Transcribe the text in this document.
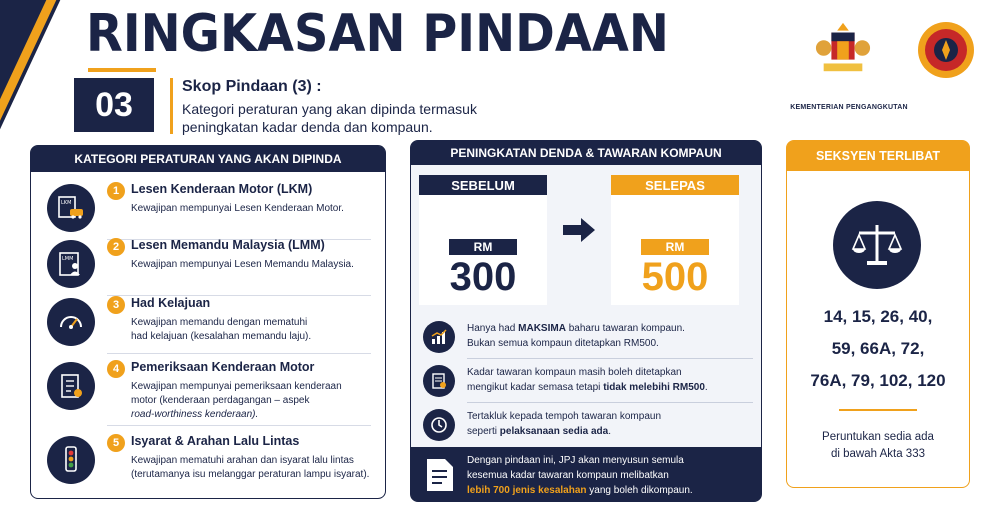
RINGKASAN PINDAAN
03	Skop Pindaan (3) :
Kategori peraturan yang akan dipinda termasuk peningkatan kadar denda dan kompaun.
KEMENTERIAN PENGANGKUTAN
KATEGORI PERATURAN YANG AKAN DIPINDA
LKM
1 Lesen Kenderaan Motor (LKM)
Kewajipan mempunyai Lesen Kenderaan Motor.
LMM
2 Lesen Memandu Malaysia (LMM)
Kewajipan mempunyai Lesen Memandu Malaysia.
3 Had Kelajuan
Kewajipan memandu dengan mematuhi
had kelajuan (kesalahan memandu laju).
4 Pemeriksaan Kenderaan Motor
Kewajipan mempunyai pemeriksaan kenderaan
motor (kenderaan perdagangan – aspek
road-worthiness kenderaan).
5 Isyarat & Arahan Lalu Lintas
Kewajipan mematuhi arahan dan isyarat lalu lintas
(terutamanya isu melanggar peraturan lampu isyarat).
PENINGKATAN DENDA & TAWARAN KOMPAUN
SEBELUM
RM
300
SELEPAS
RM
500
Hanya had MAKSIMA baharu tawaran kompaun.
Bukan semua kompaun ditetapkan RM500.
Kadar tawaran kompaun masih boleh ditetapkan
mengikut kadar semasa tetapi tidak melebihi RM500.
Tertakluk kepada tempoh tawaran kompaun
seperti pelaksanaan sedia ada.
Dengan pindaan ini, JPJ akan menyusun semula
kesemua kadar tawaran kompaun melibatkan
lebih 700 jenis kesalahan yang boleh dikompaun.
SEKSYEN TERLIBAT
14, 15, 26, 40,
59, 66A, 72,
76A, 79, 102, 120
Peruntukan sedia ada
di bawah Akta 333
